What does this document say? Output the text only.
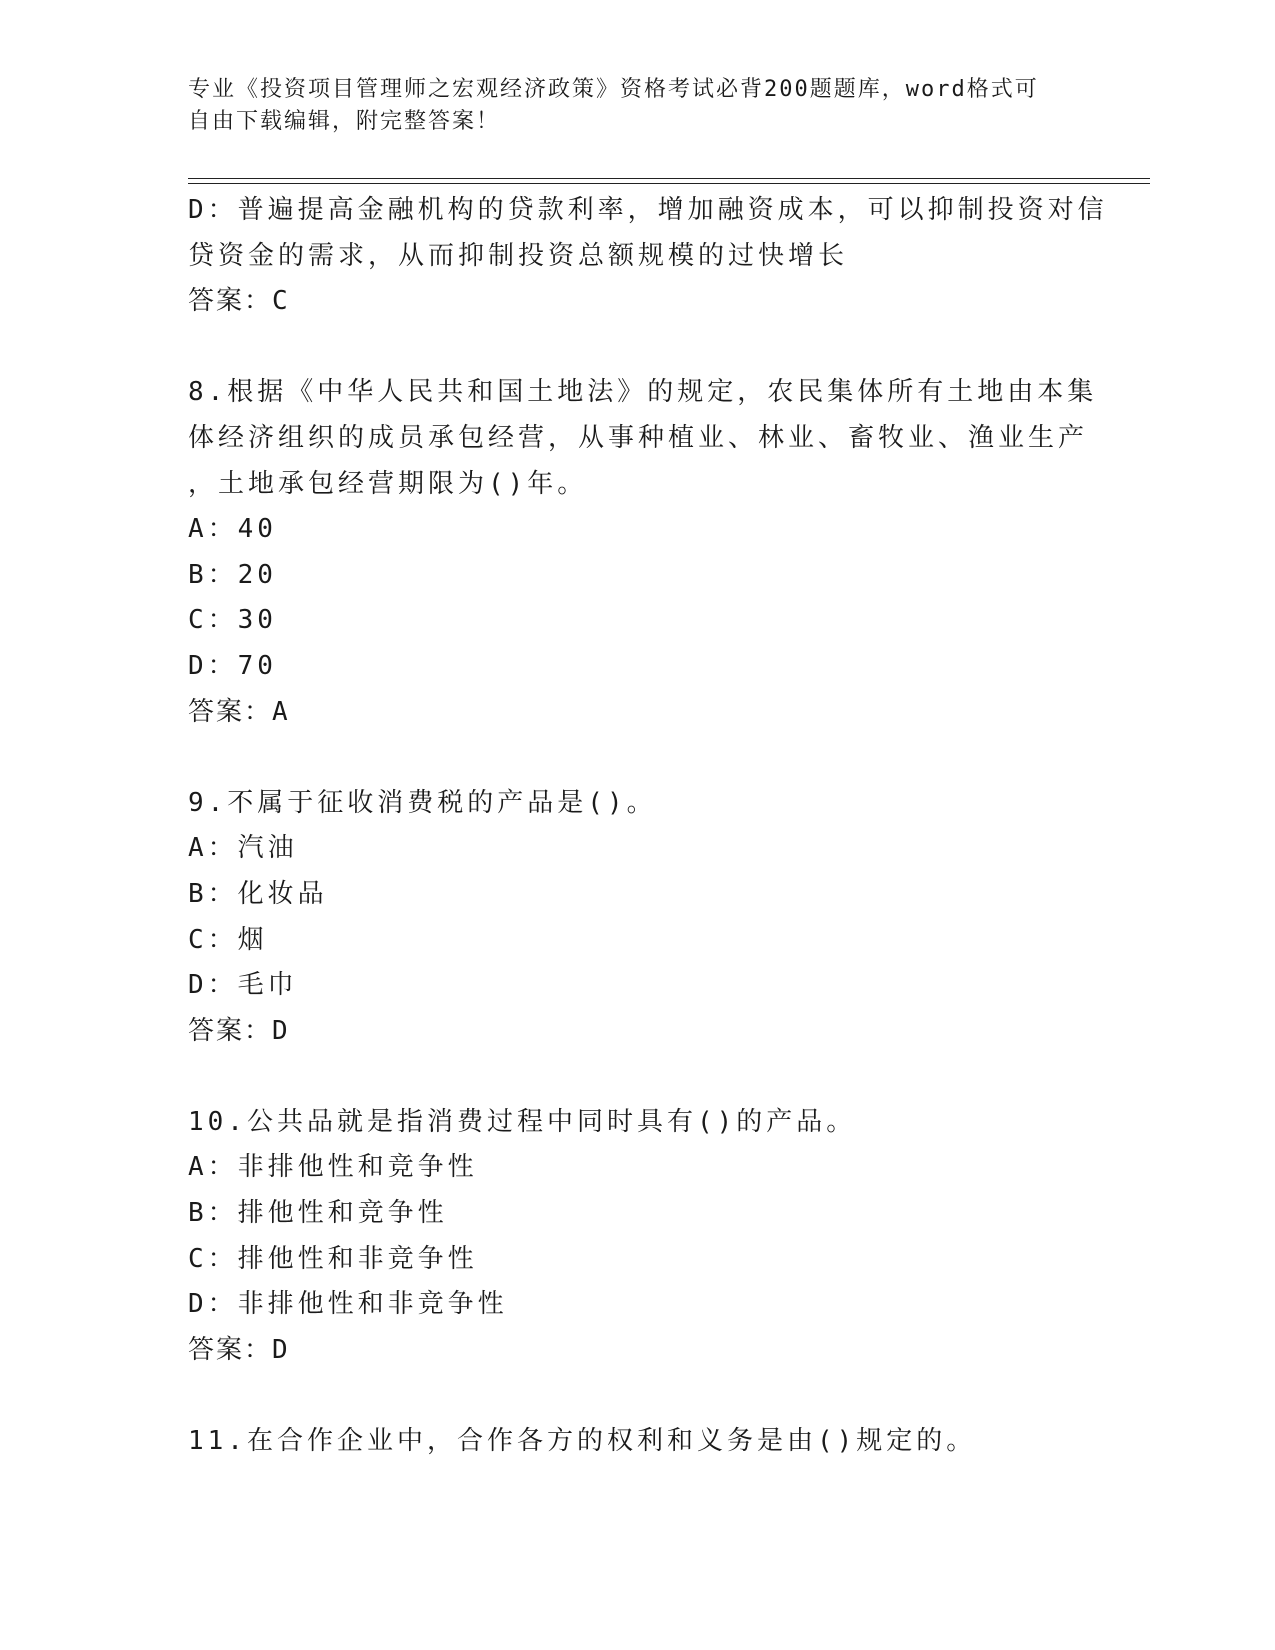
专业《投资项目管理师之宏观经济政策》资格考试必背200题题库，word格式可
自由下载编辑，附完整答案！
D：普遍提高金融机构的贷款利率，增加融资成本，可以抑制投资对信
贷资金的需求，从而抑制投资总额规模的过快增长
答案：C
8.根据《中华人民共和国土地法》的规定，农民集体所有土地由本集
体经济组织的成员承包经营，从事种植业、林业、畜牧业、渔业生产
，土地承包经营期限为()年。
A：40
B：20
C：30
D：70
答案：A
9.不属于征收消费税的产品是()。
A：汽油
B：化妆品
C：烟
D：毛巾
答案：D
10.公共品就是指消费过程中同时具有()的产品。
A：非排他性和竞争性
B：排他性和竞争性
C：排他性和非竞争性
D：非排他性和非竞争性
答案：D
11.在合作企业中，合作各方的权利和义务是由()规定的。
